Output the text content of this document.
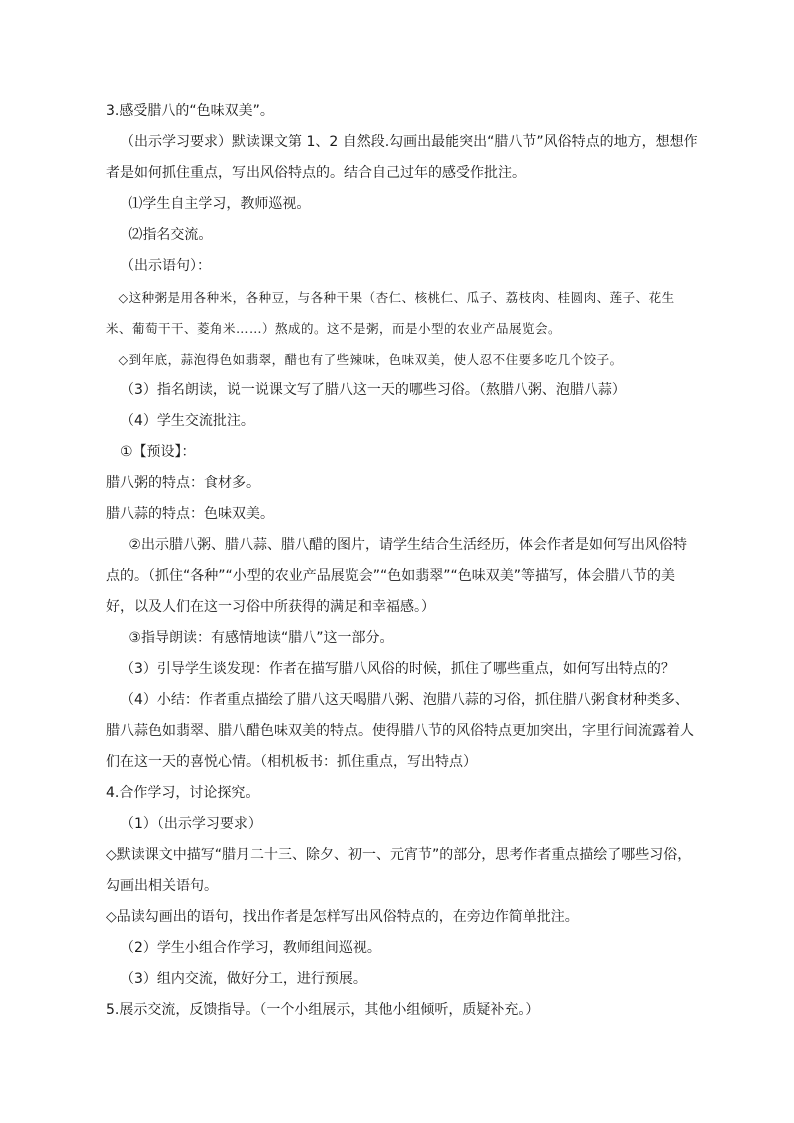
3.感受腊八的“色味双美”。

（出示学习要求）默读课文第 1、2 自然段.勾画出最能突出“腊八节”风俗特点的地方，想想作者是如何抓住重点，写出风俗特点的。结合自己过年的感受作批注。

⑴学生自主学习，教师巡视。

⑵指名交流。

（出示语句）：

◇这种粥是用各种米，各种豆，与各种干果（杏仁、核桃仁、瓜子、荔枝肉、桂圆肉、莲子、花生米、葡萄干干、菱角米……）熬成的。这不是粥，而是小型的农业产品展览会。

◇到年底，蒜泡得色如翡翠，醋也有了些辣味，色味双美，使人忍不住要多吃几个饺子。

（3）指名朗读，说一说课文写了腊八这一天的哪些习俗。（熬腊八粥、泡腊八蒜）

（4）学生交流批注。

①【预设】：

腊八粥的特点：食材多。

腊八蒜的特点：色味双美。

②出示腊八粥、腊八蒜、腊八醋的图片，请学生结合生活经历，体会作者是如何写出风俗特点的。（抓住“各种”“小型的农业产品展览会”“色如翡翠”“色味双美”等描写，体会腊八节的美好，以及人们在这一习俗中所获得的满足和幸福感。）

③指导朗读：有感情地读“腊八”这一部分。

（3）引导学生谈发现：作者在描写腊八风俗的时候，抓住了哪些重点，如何写出特点的？

（4）小结：作者重点描绘了腊八这天喝腊八粥、泡腊八蒜的习俗，抓住腊八粥食材种类多、腊八蒜色如翡翠、腊八醋色味双美的特点。使得腊八节的风俗特点更加突出，字里行间流露着人们在这一天的喜悦心情。（相机板书：抓住重点，写出特点）

4.合作学习，讨论探究。

（1）（出示学习要求）

◇默读课文中描写“腊月二十三、除夕、初一、元宵节”的部分，思考作者重点描绘了哪些习俗，勾画出相关语句。

◇品读勾画出的语句，找出作者是怎样写出风俗特点的，在旁边作简单批注。

（2）学生小组合作学习，教师组间巡视。

（3）组内交流，做好分工，进行预展。

5.展示交流，反馈指导。（一个小组展示，其他小组倾听，质疑补充。）
